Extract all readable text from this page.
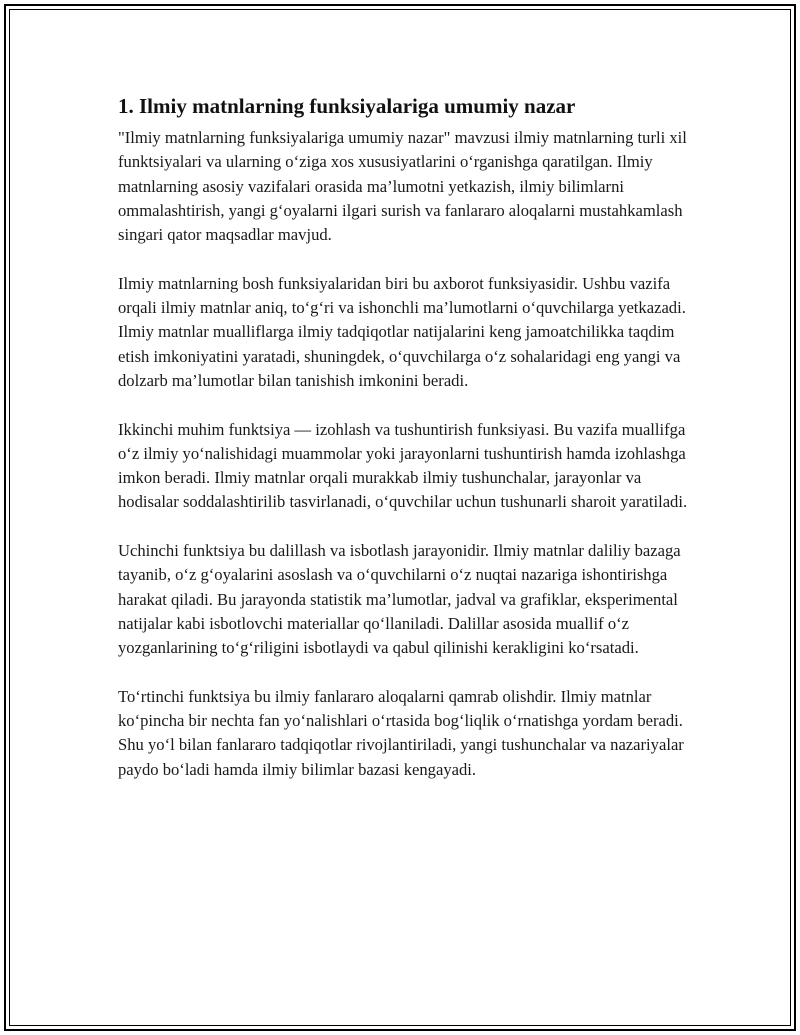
1. Ilmiy matnlarning funksiyalariga umumiy nazar

"Ilmiy matnlarning funksiyalariga umumiy nazar" mavzusi ilmiy matnlarning turli xil funktsiyalari va ularning o‘ziga xos xususiyatlarini o‘rganishga qaratilgan. Ilmiy matnlarning asosiy vazifalari orasida ma’lumotni yetkazish, ilmiy bilimlarni ommalashtirish, yangi g‘oyalarni ilgari surish va fanlararo aloqalarni mustahkamlash singari qator maqsadlar mavjud.

Ilmiy matnlarning bosh funksiyalaridan biri bu axborot funksiyasidir. Ushbu vazifa orqali ilmiy matnlar aniq, to‘g‘ri va ishonchli ma’lumotlarni o‘quvchilarga yetkazadi. Ilmiy matnlar mualliflarga ilmiy tadqiqotlar natijalarini keng jamoatchilikka taqdim etish imkoniyatini yaratadi, shuningdek, o‘quvchilarga o‘z sohalaridagi eng yangi va dolzarb ma’lumotlar bilan tanishish imkonini beradi.

Ikkinchi muhim funktsiya — izohlash va tushuntirish funksiyasi. Bu vazifa muallifga o‘z ilmiy yo‘nalishidagi muammolar yoki jarayonlarni tushuntirish hamda izohlashga imkon beradi. Ilmiy matnlar orqali murakkab ilmiy tushunchalar, jarayonlar va hodisalar soddalashtirilib tasvirlanadi, o‘quvchilar uchun tushunarli sharoit yaratiladi.

Uchinchi funktsiya bu dalillash va isbotlash jarayonidir. Ilmiy matnlar daliliy bazaga tayanib, o‘z g‘oyalarini asoslash va o‘quvchilarni o‘z nuqtai nazariga ishontirishga harakat qiladi. Bu jarayonda statistik ma’lumotlar, jadval va grafiklar, eksperimental natijalar kabi isbotlovchi materiallar qo‘llaniladi. Dalillar asosida muallif o‘z yozganlarining to‘g‘riligini isbotlaydi va qabul qilinishi kerakligini ko‘rsatadi.

To‘rtinchi funktsiya bu ilmiy fanlararo aloqalarni qamrab olishdir. Ilmiy matnlar ko‘pincha bir nechta fan yo‘nalishlari o‘rtasida bog‘liqlik o‘rnatishga yordam beradi. Shu yo‘l bilan fanlararo tadqiqotlar rivojlantiriladi, yangi tushunchalar va nazariyalar paydo bo‘ladi hamda ilmiy bilimlar bazasi kengayadi.
